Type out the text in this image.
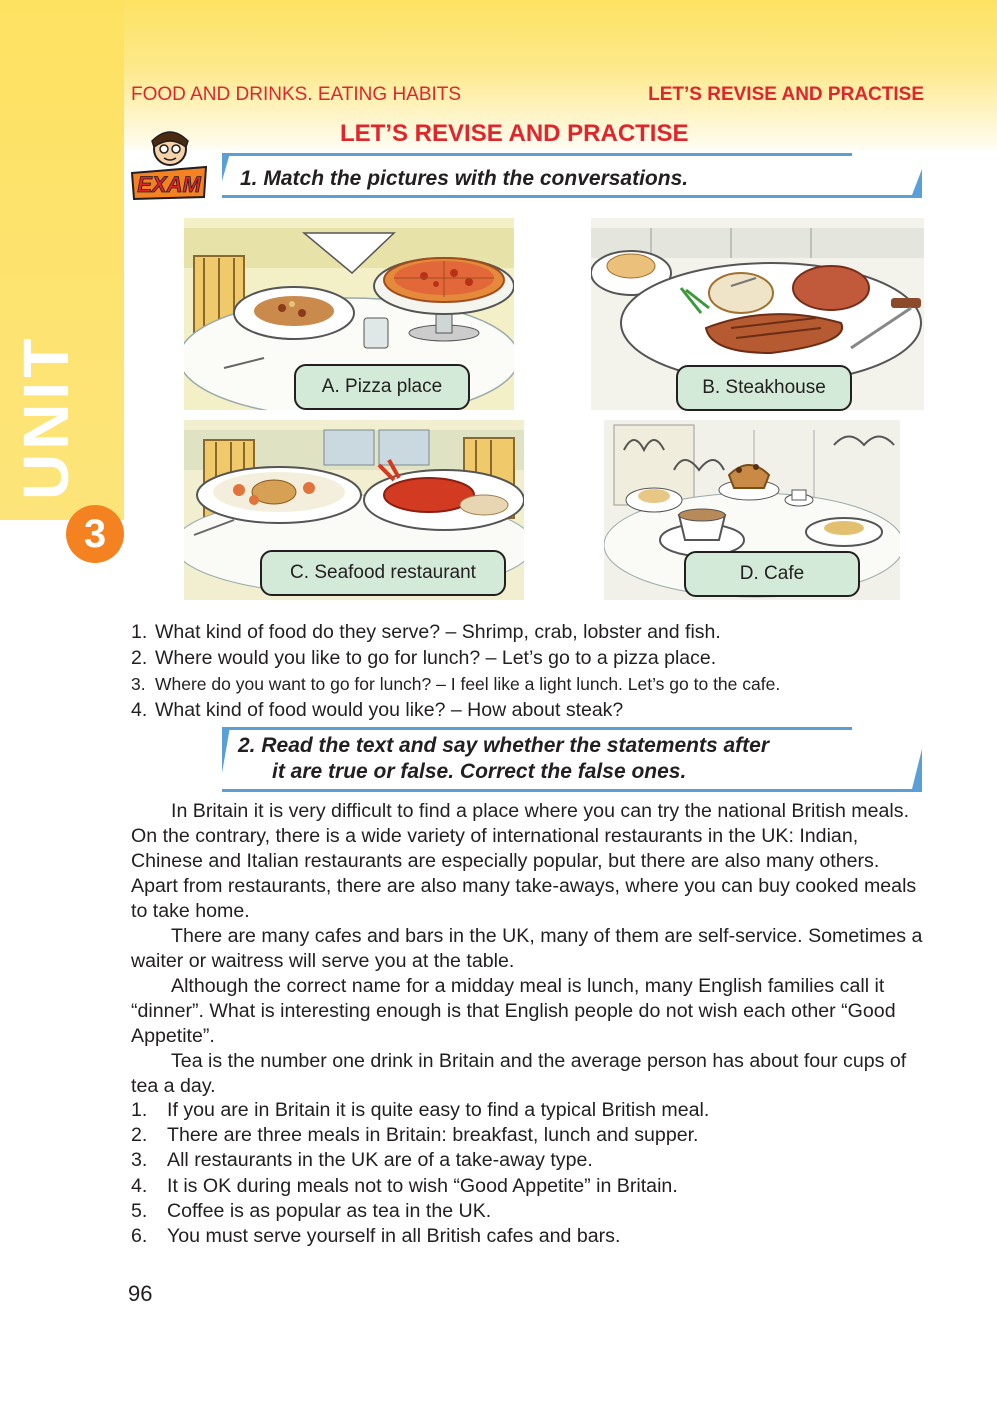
UNIT
3
FOOD AND DRINKS. EATING HABITS	LET’S REVISE AND PRACTISE
LET’S REVISE AND PRACTISE
EXAM 1. Match the pictures with the conversations.
A. Pizza place	B. Steakhouse
C. Seafood restaurant	D. Cafe
1. What kind of food do they serve? – Shrimp, crab, lobster and fish.
2. Where would you like to go for lunch? – Let’s go to a pizza place.
3. Where do you want to go for lunch? – I feel like a light lunch. Let’s go to the cafe.
4. What kind of food would you like? – How about steak?
2. Read the text and say whether the statements after
it are true or false. Correct the false ones.

In Britain it is very difficult to find a place where you can try the national British meals. On the contrary, there is a wide variety of international restaurants in the UK: Indian, Chinese and Italian restaurants are especially popular, but there are also many others. Apart from restaurants, there are also many take-aways, where you can buy cooked meals to take home.

There are many cafes and bars in the UK, many of them are self-service. Sometimes a waiter or waitress will serve you at the table.

Although the correct name for a midday meal is lunch, many English families call it “dinner”. What is interesting enough is that English people do not wish each other “Good Appetite”.

Tea is the number one drink in Britain and the average person has about four cups of tea a day.

1. If you are in Britain it is quite easy to find a typical British meal.
2. There are three meals in Britain: breakfast, lunch and supper.
3. All restaurants in the UK are of a take-away type.
4. It is OK during meals not to wish “Good Appetite” in Britain.
5. Coffee is as popular as tea in the UK.
6. You must serve yourself in all British cafes and bars.
96
